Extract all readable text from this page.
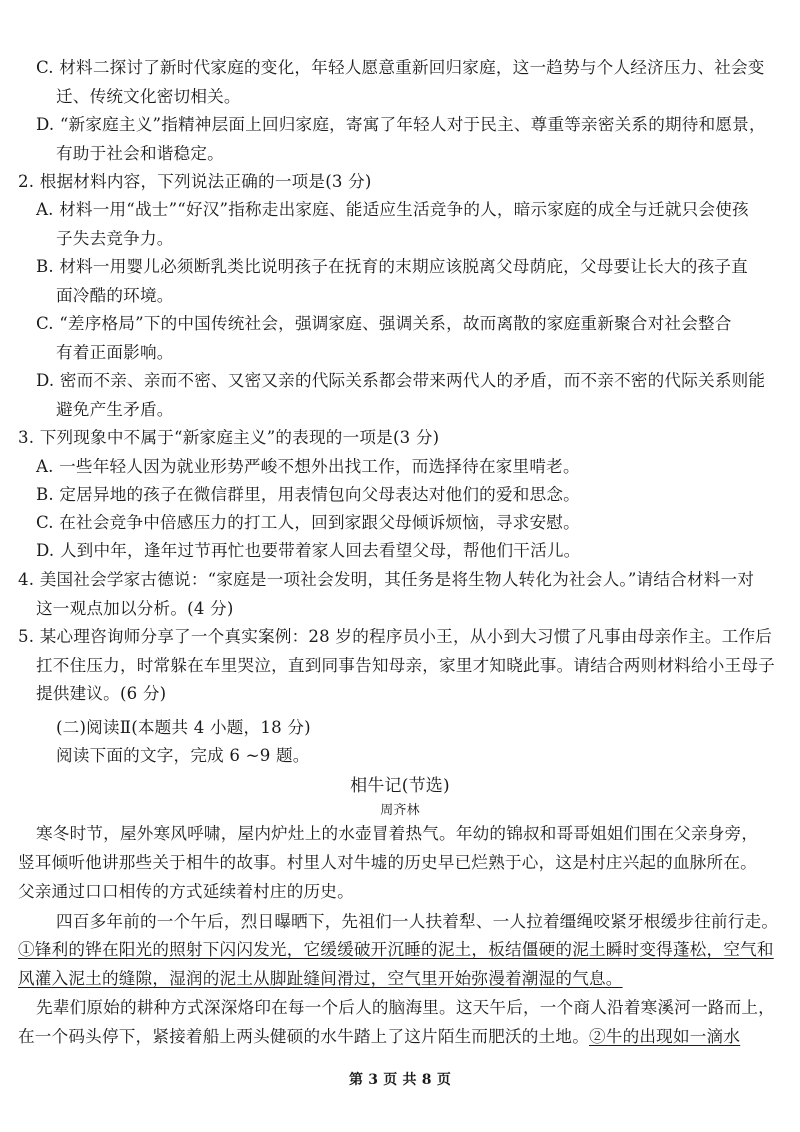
C. 材料二探讨了新时代家庭的变化，年轻人愿意重新回归家庭，这一趋势与个人经济压力、社会变
迁、传统文化密切相关。
D. “新家庭主义”指精神层面上回归家庭，寄寓了年轻人对于民主、尊重等亲密关系的期待和愿景，
有助于社会和谐稳定。
2. 根据材料内容，下列说法正确的一项是(3 分)
A. 材料一用“战士”“好汉”指称走出家庭、能适应生活竞争的人，暗示家庭的成全与迁就只会使孩
子失去竞争力。
B. 材料一用婴儿必须断乳类比说明孩子在抚育的末期应该脱离父母荫庇，父母要让长大的孩子直
面冷酷的环境。
C. “差序格局”下的中国传统社会，强调家庭、强调关系，故而离散的家庭重新聚合对社会整合
有着正面影响。
D. 密而不亲、亲而不密、又密又亲的代际关系都会带来两代人的矛盾，而不亲不密的代际关系则能
避免产生矛盾。
3. 下列现象中不属于“新家庭主义”的表现的一项是(3 分)
A. 一些年轻人因为就业形势严峻不想外出找工作，而选择待在家里啃老。
B. 定居异地的孩子在微信群里，用表情包向父母表达对他们的爱和思念。
C. 在社会竞争中倍感压力的打工人，回到家跟父母倾诉烦恼，寻求安慰。
D. 人到中年，逢年过节再忙也要带着家人回去看望父母，帮他们干活儿。
4. 美国社会学家古德说：“家庭是一项社会发明，其任务是将生物人转化为社会人。”请结合材料一对
这一观点加以分析。(4 分)
5. 某心理咨询师分享了一个真实案例：28 岁的程序员小王，从小到大习惯了凡事由母亲作主。工作后
扛不住压力，时常躲在车里哭泣，直到同事告知母亲，家里才知晓此事。请结合两则材料给小王母子
提供建议。(6 分)
(二)阅读Ⅱ(本题共 4 小题，18 分)
阅读下面的文字，完成 6 ~9 题。
相牛记(节选)
周齐林
寒冬时节，屋外寒风呼啸，屋内炉灶上的水壶冒着热气。年幼的锦叔和哥哥姐姐们围在父亲身旁，
竖耳倾听他讲那些关于相牛的故事。村里人对牛墟的历史早已烂熟于心，这是村庄兴起的血脉所在。
父亲通过口口相传的方式延续着村庄的历史。
四百多年前的一个午后，烈日曝晒下，先祖们一人扶着犁、一人拉着缰绳咬紧牙根缓步往前行走。
①锋利的铧在阳光的照射下闪闪发光，它缓缓破开沉睡的泥土，板结僵硬的泥土瞬时变得蓬松，空气和
风灌入泥土的缝隙，湿润的泥土从脚趾缝间滑过，空气里开始弥漫着潮湿的气息。
先辈们原始的耕种方式深深烙印在每一个后人的脑海里。这天午后，一个商人沿着寒溪河一路而上，
在一个码头停下，紧接着船上两头健硕的水牛踏上了这片陌生而肥沃的土地。②牛的出现如一滴水
第 3 页 共 8 页
